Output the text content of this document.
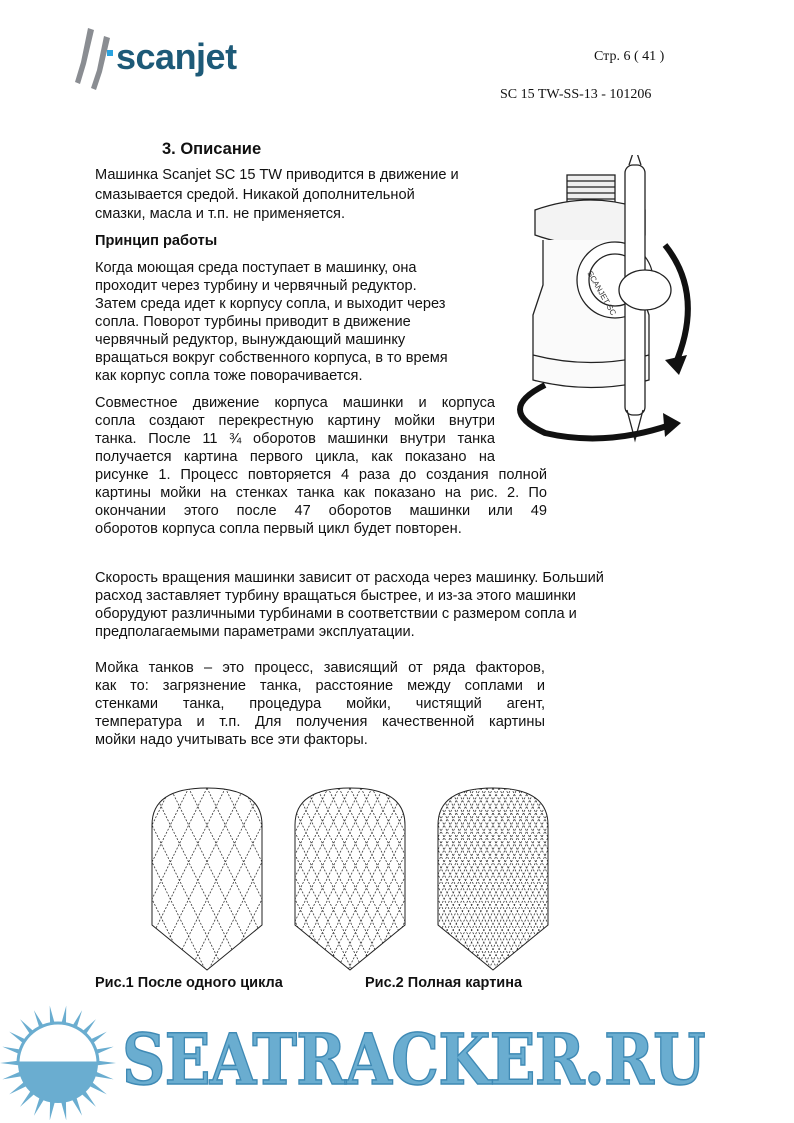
scanjet	Стр. 6 ( 41 )
SC 15 TW-SS-13 - 101206
3. Описание
Машинка Scanjet SC 15 TW приводится в движение и
смазывается средой. Никакой дополнительной
смазки, масла и т.п. не применяется.
Принцип работы
Когда моющая среда поступает в машинку, она
проходит через турбину и червячный редуктор.
Затем среда идет к корпусу сопла, и выходит через
сопла. Поворот турбины приводит в движение
червячный редуктор, вынуждающий машинку
вращаться вокруг собственного корпуса, в то время
как корпус сопла тоже поворачивается.
Совместное движение корпуса машинки и корпуса
сопла создают перекрестную картину мойки внутри
танка. После 11 ¾ оборотов машинки внутри танка
получается картина первого цикла, как показано на
рисунке 1. Процесс повторяется 4 раза до создания полной
картины мойки на стенках танка как показано на рис. 2. По
окончании этого после 47 оборотов машинки или 49
оборотов корпуса сопла первый цикл будет повторен.
Скорость вращения машинки зависит от расхода через машинку. Больший
расход заставляет турбину вращаться быстрее, и из-за этого машинки
оборудуют различными турбинами в соответствии с размером сопла и
предполагаемыми параметрами эксплуатации.
Мойка танков – это процесс, зависящий от ряда факторов,
как то: загрязнение танка, расстояние между соплами и
стенками танка, процедура мойки, чистящий агент,
температура и т.п. Для получения качественной картины
мойки надо учитывать все эти факторы.
SCANJET SC
Рис.1 После одного цикла	Рис.2 Полная картина
SEATRACKER.RU
